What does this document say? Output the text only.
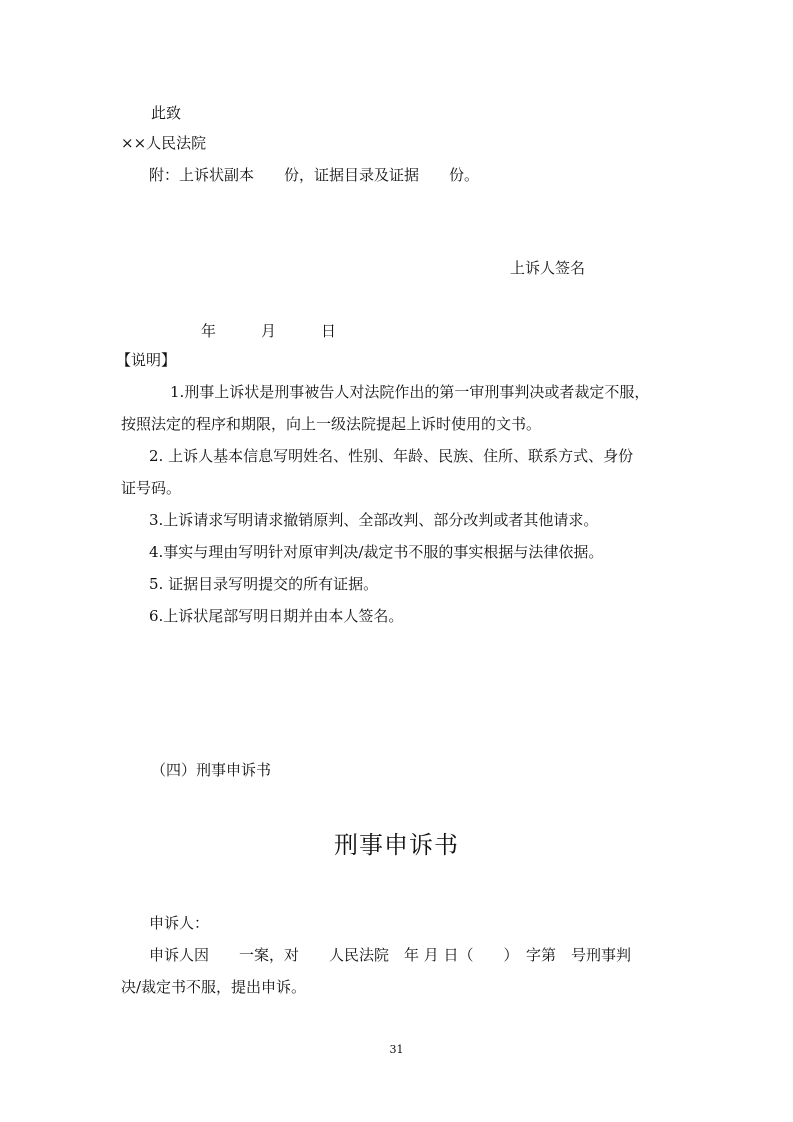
此致
××人民法院
附：上诉状副本　　份，证据目录及证据　　份。
上诉人签名
年　　　月　　　日
【说明】
1.刑事上诉状是刑事被告人对法院作出的第一审刑事判决或者裁定不服，
按照法定的程序和期限，向上一级法院提起上诉时使用的文书。
2. 上诉人基本信息写明姓名、性别、年龄、民族、住所、联系方式、身份
证号码。
3.上诉请求写明请求撤销原判、全部改判、部分改判或者其他请求。
4.事实与理由写明针对原审判决/裁定书不服的事实根据与法律依据。
5. 证据目录写明提交的所有证据。
6.上诉状尾部写明日期并由本人签名。
（四）刑事申诉书
刑事申诉书
申诉人：
申诉人因　　一案，对　　人民法院　年 月 日（　　）　字第　号刑事判
决/裁定书不服，提出申诉。
31
